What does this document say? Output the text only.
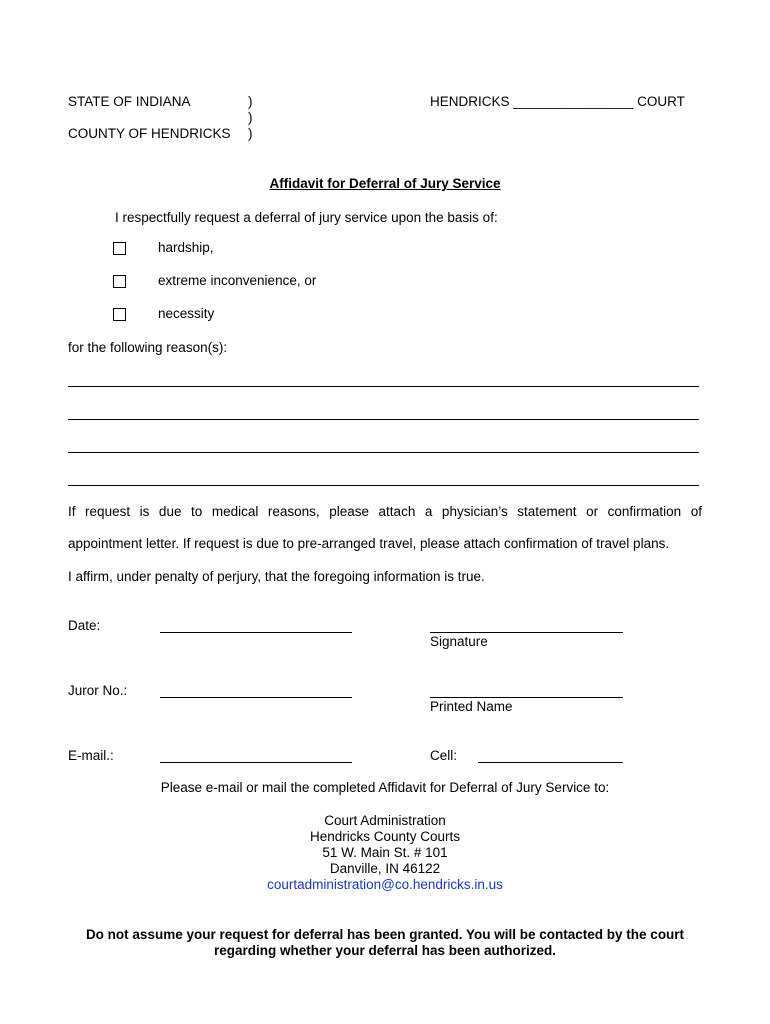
STATE OF INDIANA
COUNTY OF HENDRICKS
)
)
)
HENDRICKS ________________ COURT
Affidavit for Deferral of Jury Service
I respectfully request a deferral of jury service upon the basis of:
hardship,
extreme inconvenience, or
necessity
for the following reason(s):
If request is due to medical reasons, please attach a physician’s statement or confirmation of
appointment letter. If request is due to pre-arranged travel, please attach confirmation of travel plans.
I affirm, under penalty of perjury, that the foregoing information is true.
Date:
Signature
Juror No.:
Printed Name
E-mail.:	Cell:
Please e-mail or mail the completed Affidavit for Deferral of Jury Service to:
Court Administration
Hendricks County Courts
51 W. Main St. # 101
Danville, IN 46122
courtadministration@co.hendricks.in.us
Do not assume your request for deferral has been granted. You will be contacted by the court regarding whether your deferral has been authorized.
